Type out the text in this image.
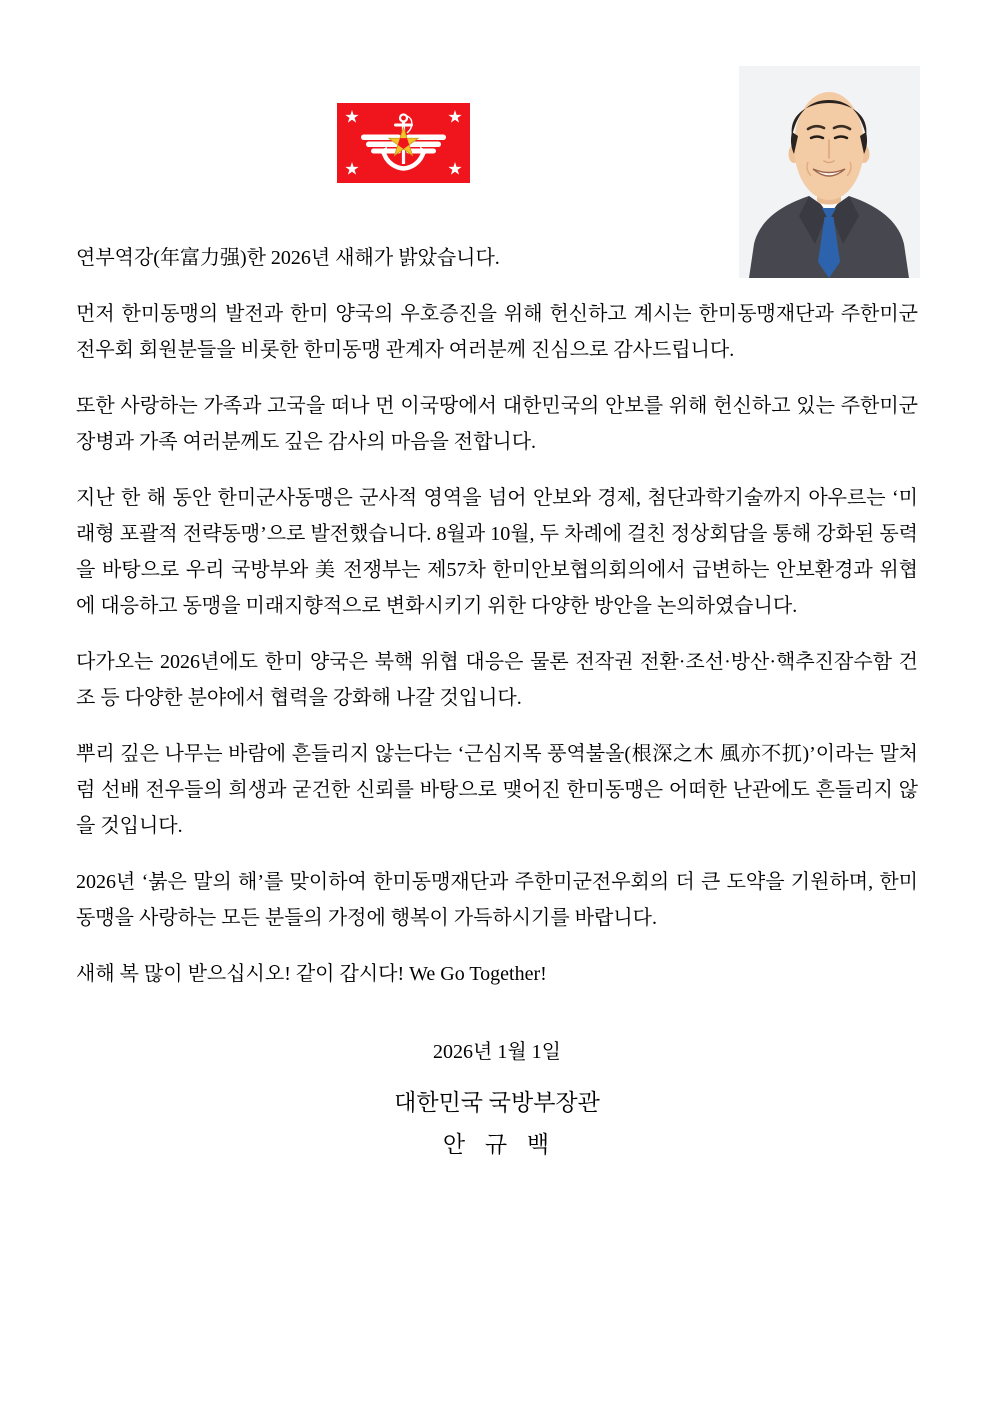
연부역강(年富力强)한 2026년 새해가 밝았습니다.

먼저 한미동맹의 발전과 한미 양국의 우호증진을 위해 헌신하고 계시는 한미동맹재단과 주한미군전우회 회원분들을 비롯한 한미동맹 관계자 여러분께 진심으로 감사드립니다.

또한 사랑하는 가족과 고국을 떠나 먼 이국땅에서 대한민국의 안보를 위해 헌신하고 있는 주한미군 장병과 가족 여러분께도 깊은 감사의 마음을 전합니다.

지난 한 해 동안 한미군사동맹은 군사적 영역을 넘어 안보와 경제, 첨단과학기술까지 아우르는 ‘미래형 포괄적 전략동맹’으로 발전했습니다. 8월과 10월, 두 차례에 걸친 정상회담을 통해 강화된 동력을 바탕으로 우리 국방부와 美 전쟁부는 제57차 한미안보협의회의에서 급변하는 안보환경과 위협에 대응하고 동맹을 미래지향적으로 변화시키기 위한 다양한 방안을 논의하였습니다.

다가오는 2026년에도 한미 양국은 북핵 위협 대응은 물론 전작권 전환·조선·방산·핵추진잠수함 건조 등 다양한 분야에서 협력을 강화해 나갈 것입니다.

뿌리 깊은 나무는 바람에 흔들리지 않는다는 ‘근심지목 풍역불올(根深之木 風亦不扤)’이라는 말처럼 선배 전우들의 희생과 굳건한 신뢰를 바탕으로 맺어진 한미동맹은 어떠한 난관에도 흔들리지 않을 것입니다.

2026년 ‘붉은 말의 해’를 맞이하여 한미동맹재단과 주한미군전우회의 더 큰 도약을 기원하며, 한미동맹을 사랑하는 모든 분들의 가정에 행복이 가득하시기를 바랍니다.

새해 복 많이 받으십시오! 같이 갑시다! We Go Together!

2026년 1월 1일
대한민국 국방부장관
안 규 백
